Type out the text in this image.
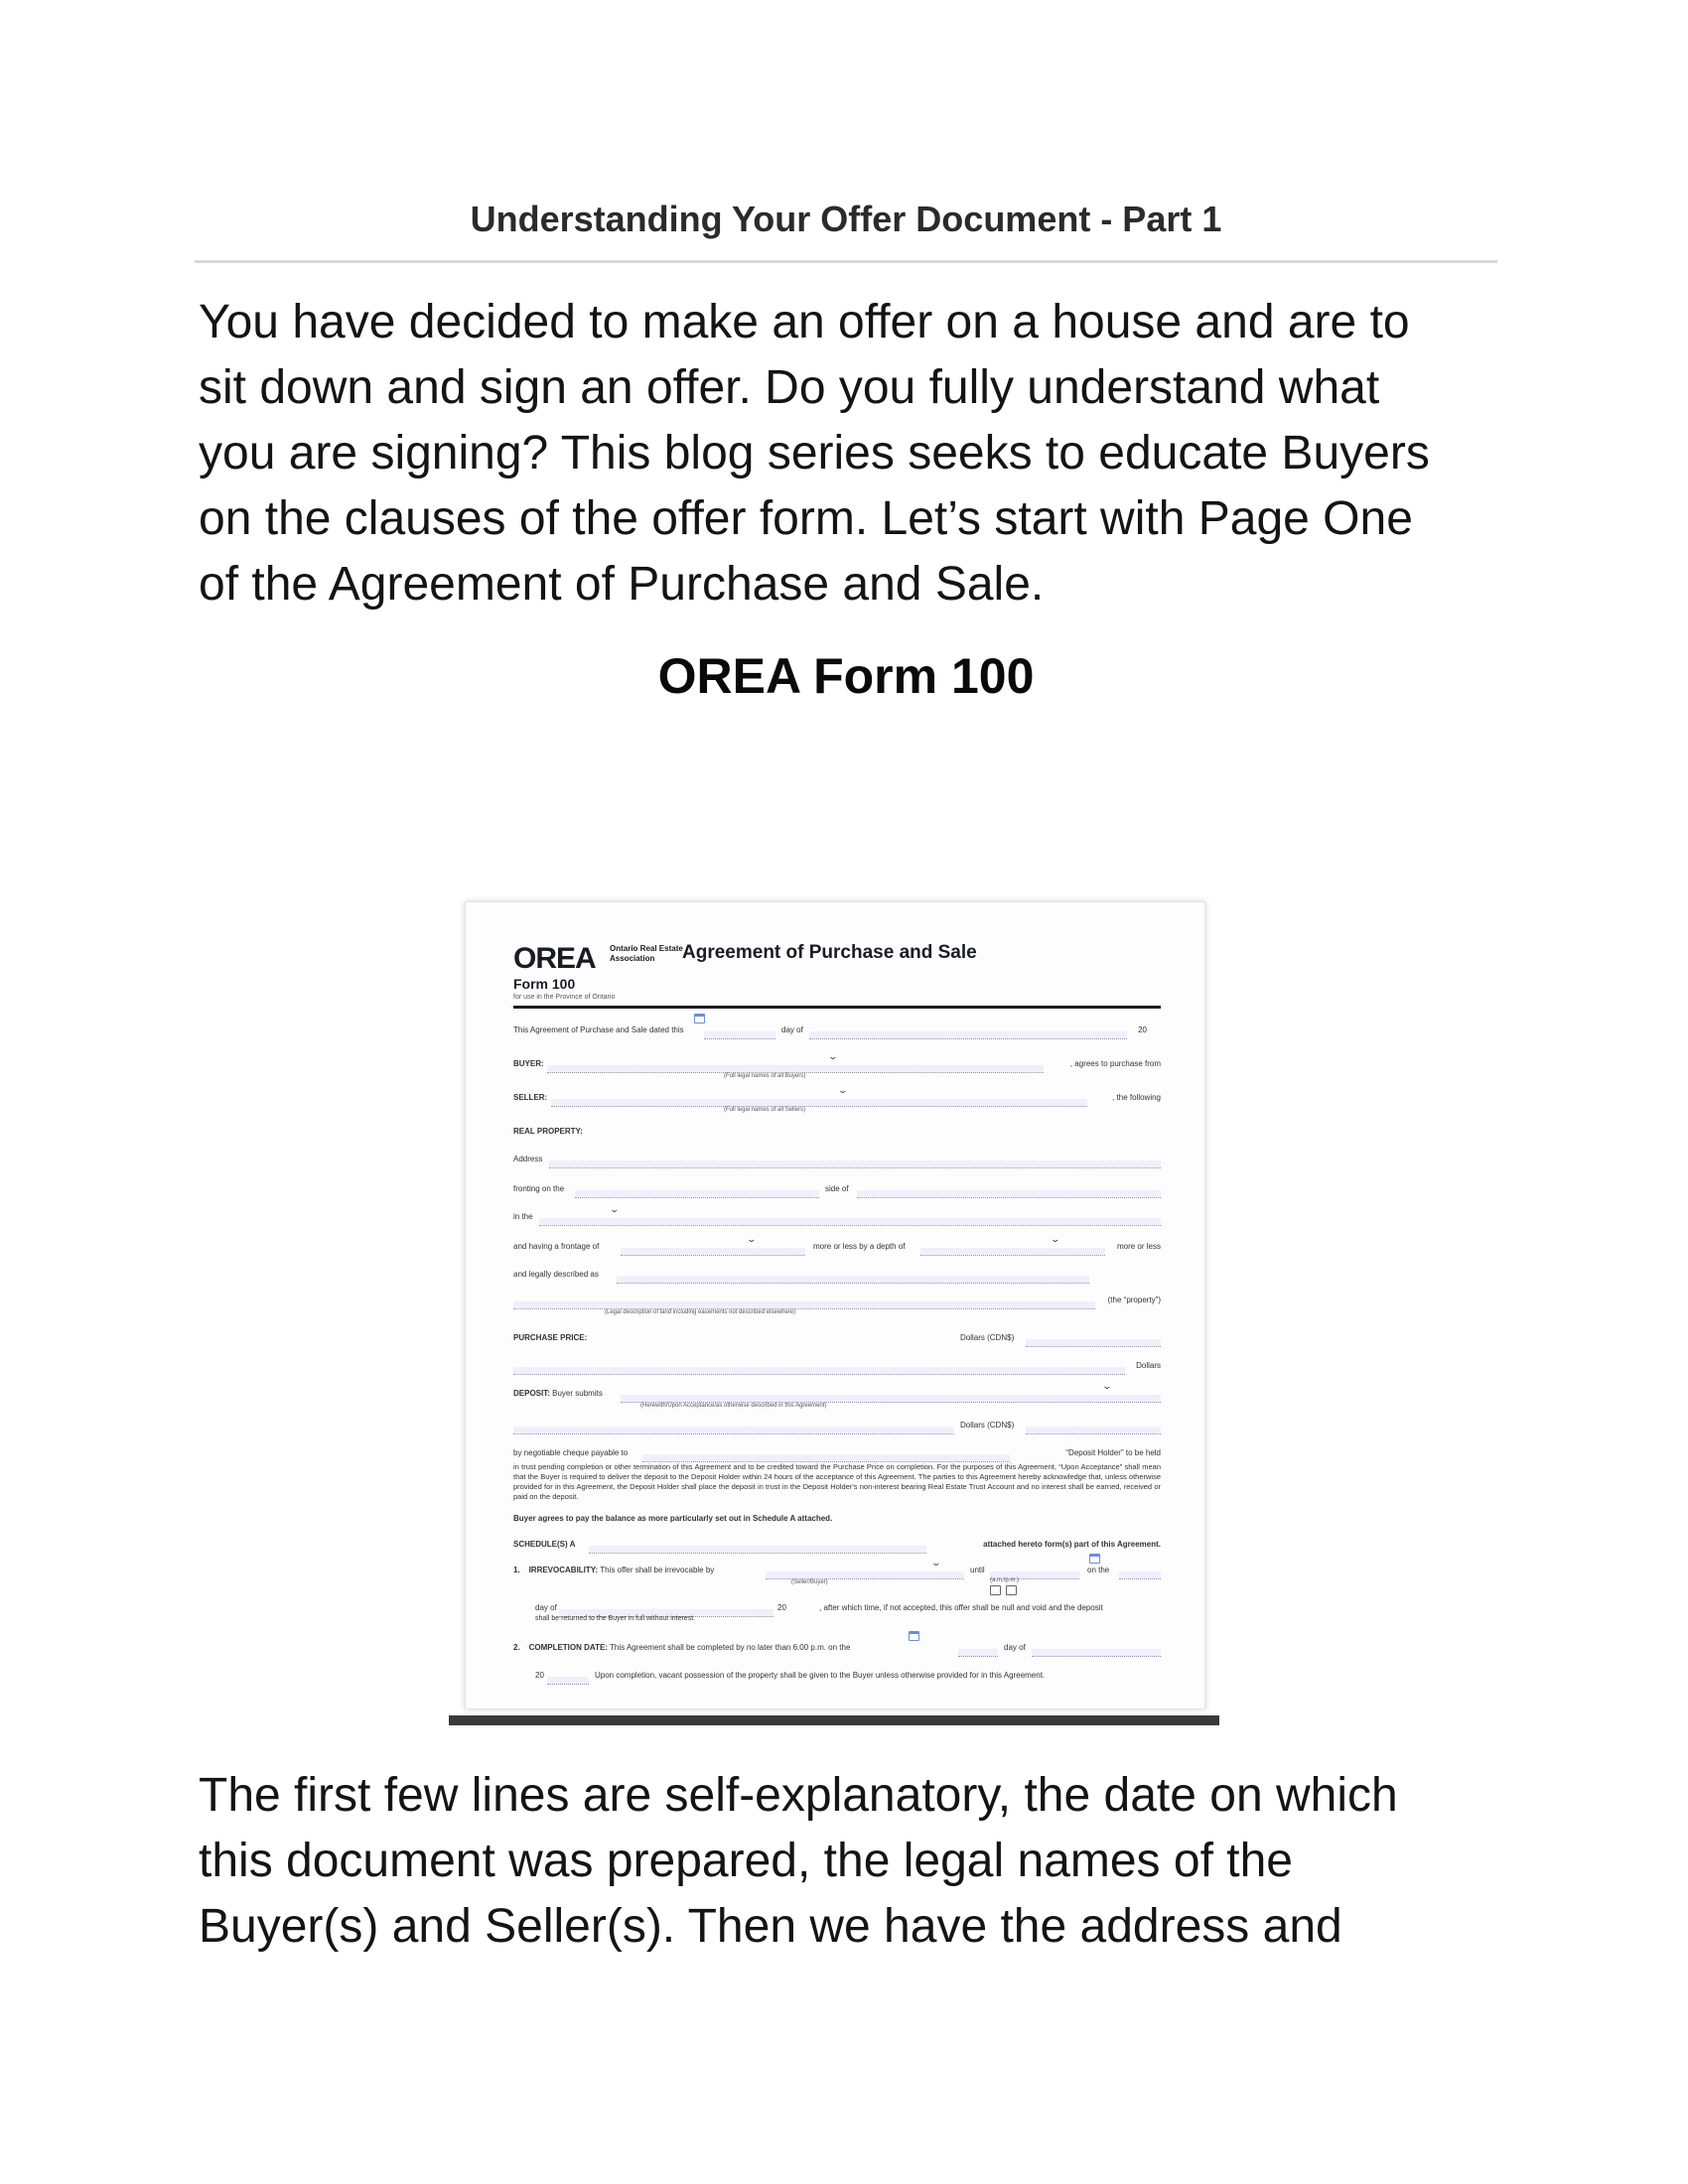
Understanding Your Offer Document - Part 1
You have decided to make an offer on a house and are to
sit down and sign an offer. Do you fully understand what
you are signing? This blog series seeks to educate Buyers
on the clauses of the offer form. Let’s start with Page One
of the Agreement of Purchase and Sale.
OREA Form 100
OREA Ontario Real Estate Association	Agreement of Purchase and Sale
Form 100
for use in the Province of Ontario
This Agreement of Purchase and Sale dated this	day of	20
BUYER:	, agrees to purchase from
⌄
(Full legal names of all Buyers)
SELLER:	, the following
⌄
(Full legal names of all Sellers)
REAL PROPERTY:
Address
fronting on the	side of
in the
⌄
and having a frontage of	more or less by a depth of	more or less
⌄	⌄
and legally described as
(the “property”)
(Legal description of land including easements not described elsewhere)
PURCHASE PRICE:	Dollars (CDN$)
Dollars
DEPOSIT: Buyer submits
⌄
(Herewith/Upon Acceptance/as otherwise described in this Agreement)
Dollars (CDN$)
by negotiable cheque payable to	“Deposit Holder” to be held
in trust pending completion or other termination of this Agreement and to be credited toward the Purchase Price on completion. For the purposes of this Agreement, “Upon Acceptance” shall mean that the Buyer is required to deliver the deposit to the Deposit Holder within 24 hours of the acceptance of this Agreement. The parties to this Agreement hereby acknowledge that, unless otherwise provided for in this Agreement, the Deposit Holder shall place the deposit in trust in the Deposit Holder's non-interest bearing Real Estate Trust Account and no interest shall be earned, received or paid on the deposit.
Buyer agrees to pay the balance as more particularly set out in Schedule A attached.
SCHEDULE(S) A	attached hereto form(s) part of this Agreement.
1. IRREVOCABILITY: This offer shall be irrevocable by	until	on the
⌄
(Seller/Buyer)	(a.m./p.m.)
day of	20	, after which time, if not accepted, this offer shall be null and void and the deposit
shall be returned to the Buyer in full without interest.
2. COMPLETION DATE: This Agreement shall be completed by no later than 6:00 p.m. on the	day of
20	Upon completion, vacant possession of the property shall be given to the Buyer unless otherwise provided for in this Agreement.
The first few lines are self-explanatory, the date on which
this document was prepared, the legal names of the
Buyer(s) and Seller(s). Then we have the address and
